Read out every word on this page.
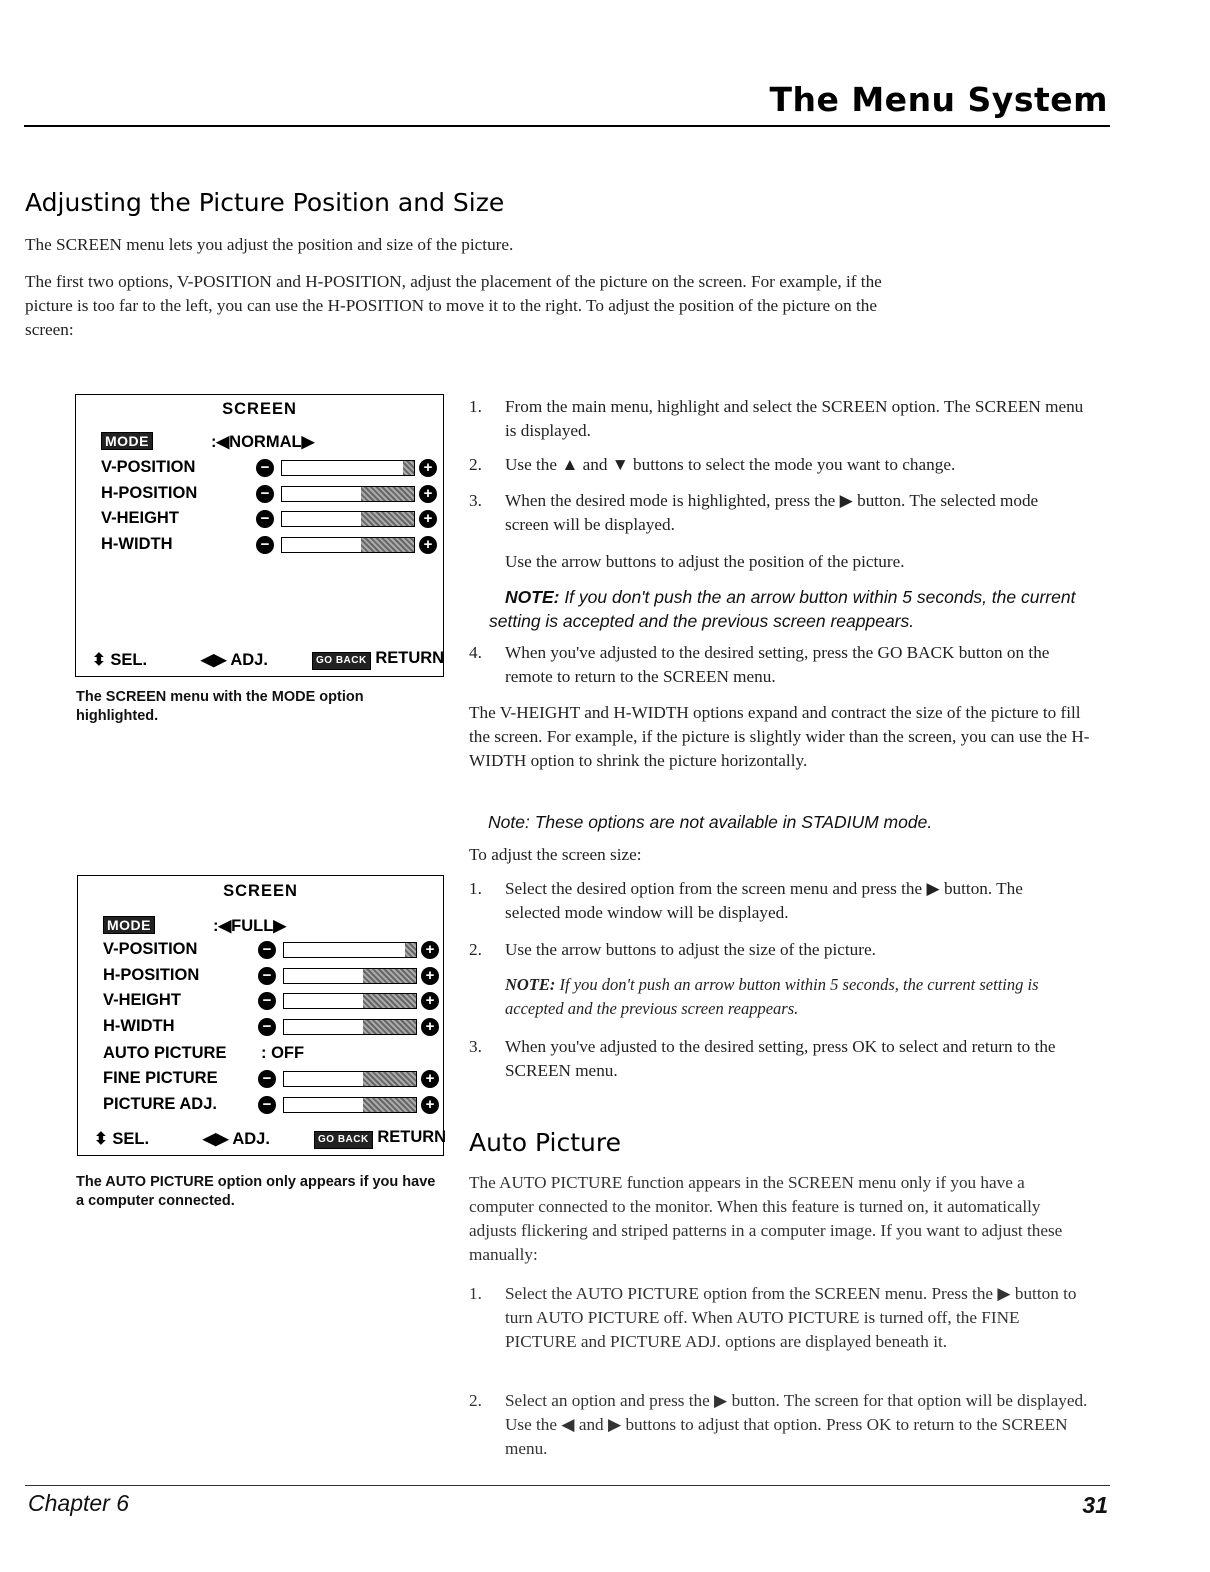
The Menu System
Adjusting the Picture Position and Size
The SCREEN menu lets you adjust the position and size of the picture.
The first two options, V-POSITION and H-POSITION, adjust the placement of the picture on the screen. For example, if the picture is too far to the left, you can use the H-POSITION to move it to the right. To adjust the position of the picture on the screen:
SCREEN
MODE	:◀NORMAL▶
V-POSITION	−	+
H-POSITION	−	+
V-HEIGHT	−	+
H-WIDTH	−	+
⬍ SEL.	◀▶ ADJ.	GO BACK RETURN
The SCREEN menu with the MODE option highlighted.
1. From the main menu, highlight and select the SCREEN option. The SCREEN menu is displayed.
2. Use the ▲ and ▼ buttons to select the mode you want to change.
3. When the desired mode is highlighted, press the ▶ button. The selected mode screen will be displayed.
Use the arrow buttons to adjust the position of the picture.
NOTE: If you don't push the an arrow button within 5 seconds, the current setting is accepted and the previous screen reappears.
4. When you've adjusted to the desired setting, press the GO BACK button on the remote to return to the SCREEN menu.
The V-HEIGHT and H-WIDTH options expand and contract the size of the picture to fill the screen. For example, if the picture is slightly wider than the screen, you can use the H-WIDTH option to shrink the picture horizontally.
Note: These options are not available in STADIUM mode.
To adjust the screen size:
1. Select the desired option from the screen menu and press the ▶ button. The selected mode window will be displayed.
2. Use the arrow buttons to adjust the size of the picture.
NOTE: If you don't push an arrow button within 5 seconds, the current setting is accepted and the previous screen reappears.
3. When you've adjusted to the desired setting, press OK to select and return to the SCREEN menu.
SCREEN
MODE	:◀FULL▶
V-POSITION	−	+
H-POSITION	−	+
V-HEIGHT	−	+
H-WIDTH	−	+
AUTO PICTURE : OFF
FINE PICTURE	−	+
PICTURE ADJ.	−	+
⬍ SEL.	◀▶ ADJ.	GO BACK RETURN
The AUTO PICTURE option only appears if you have a computer connected.
Auto Picture
The AUTO PICTURE function appears in the SCREEN menu only if you have a computer connected to the monitor. When this feature is turned on, it automatically adjusts flickering and striped patterns in a computer image. If you want to adjust these manually:
1. Select the AUTO PICTURE option from the SCREEN menu. Press the ▶ button to turn AUTO PICTURE off. When AUTO PICTURE is turned off, the FINE PICTURE and PICTURE ADJ. options are displayed beneath it.
2. Select an option and press the ▶ button. The screen for that option will be displayed. Use the ◀ and ▶ buttons to adjust that option. Press OK to return to the SCREEN menu.
Chapter 6	31
